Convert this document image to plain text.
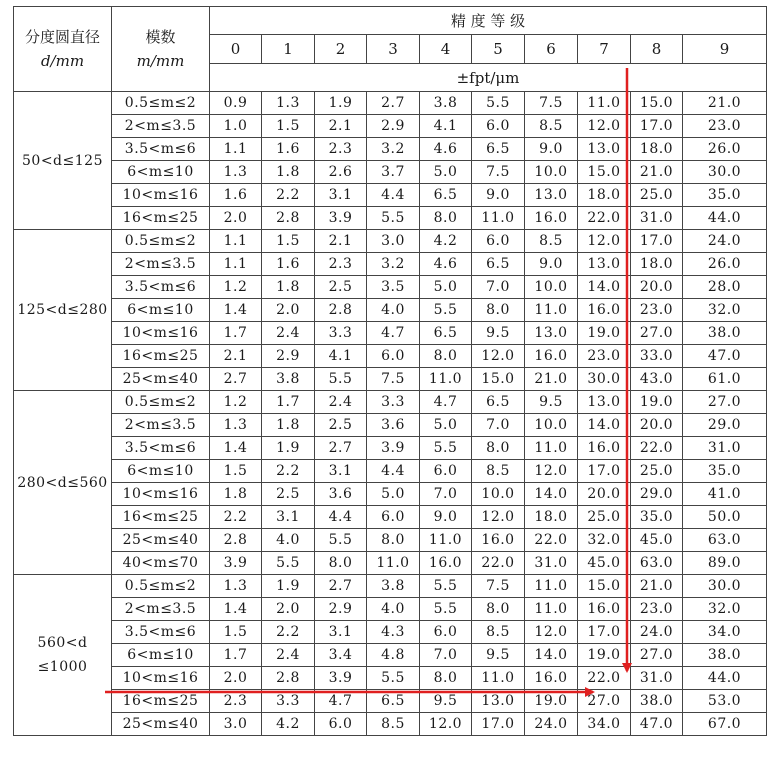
分度圆直径
d/mm	模数
m/mm	精 度 等 级									
		0	1	2	3	4	5	6	7	8	9
		±fpt/μm									
50<d≤125	0.5≤m≤2	0.9	1.3	1.9	2.7	3.8	5.5	7.5	11.0	15.0	21.0
	2<m≤3.5	1.0	1.5	2.1	2.9	4.1	6.0	8.5	12.0	17.0	23.0
	3.5<m≤6	1.1	1.6	2.3	3.2	4.6	6.5	9.0	13.0	18.0	26.0
	6<m≤10	1.3	1.8	2.6	3.7	5.0	7.5	10.0	15.0	21.0	30.0
	10<m≤16	1.6	2.2	3.1	4.4	6.5	9.0	13.0	18.0	25.0	35.0
	16<m≤25	2.0	2.8	3.9	5.5	8.0	11.0	16.0	22.0	31.0	44.0
125<d≤280	0.5≤m≤2	1.1	1.5	2.1	3.0	4.2	6.0	8.5	12.0	17.0	24.0
	2<m≤3.5	1.1	1.6	2.3	3.2	4.6	6.5	9.0	13.0	18.0	26.0
	3.5<m≤6	1.2	1.8	2.5	3.5	5.0	7.0	10.0	14.0	20.0	28.0
	6<m≤10	1.4	2.0	2.8	4.0	5.5	8.0	11.0	16.0	23.0	32.0
	10<m≤16	1.7	2.4	3.3	4.7	6.5	9.5	13.0	19.0	27.0	38.0
	16<m≤25	2.1	2.9	4.1	6.0	8.0	12.0	16.0	23.0	33.0	47.0
	25<m≤40	2.7	3.8	5.5	7.5	11.0	15.0	21.0	30.0	43.0	61.0
280<d≤560	0.5≤m≤2	1.2	1.7	2.4	3.3	4.7	6.5	9.5	13.0	19.0	27.0
	2<m≤3.5	1.3	1.8	2.5	3.6	5.0	7.0	10.0	14.0	20.0	29.0
	3.5<m≤6	1.4	1.9	2.7	3.9	5.5	8.0	11.0	16.0	22.0	31.0
	6<m≤10	1.5	2.2	3.1	4.4	6.0	8.5	12.0	17.0	25.0	35.0
	10<m≤16	1.8	2.5	3.6	5.0	7.0	10.0	14.0	20.0	29.0	41.0
	16<m≤25	2.2	3.1	4.4	6.0	9.0	12.0	18.0	25.0	35.0	50.0
	25<m≤40	2.8	4.0	5.5	8.0	11.0	16.0	22.0	32.0	45.0	63.0
	40<m≤70	3.9	5.5	8.0	11.0	16.0	22.0	31.0	45.0	63.0	89.0

560<d
≤1000	0.5≤m≤2	1.3	1.9	2.7	3.8	5.5	7.5	11.0	15.0	21.0	30.0
	2<m≤3.5	1.4	2.0	2.9	4.0	5.5	8.0	11.0	16.0	23.0	32.0
	3.5<m≤6	1.5	2.2	3.1	4.3	6.0	8.5	12.0	17.0	24.0	34.0
	6<m≤10	1.7	2.4	3.4	4.8	7.0	9.5	14.0	19.0	27.0	38.0
	10<m≤16	2.0	2.8	3.9	5.5	8.0	11.0	16.0	22.0	31.0	44.0
	16<m≤25	2.3	3.3	4.7	6.5	9.5	13.0	19.0	27.0	38.0	53.0
	25<m≤40	3.0	4.2	6.0	8.5	12.0	17.0	24.0	34.0	47.0	67.0
